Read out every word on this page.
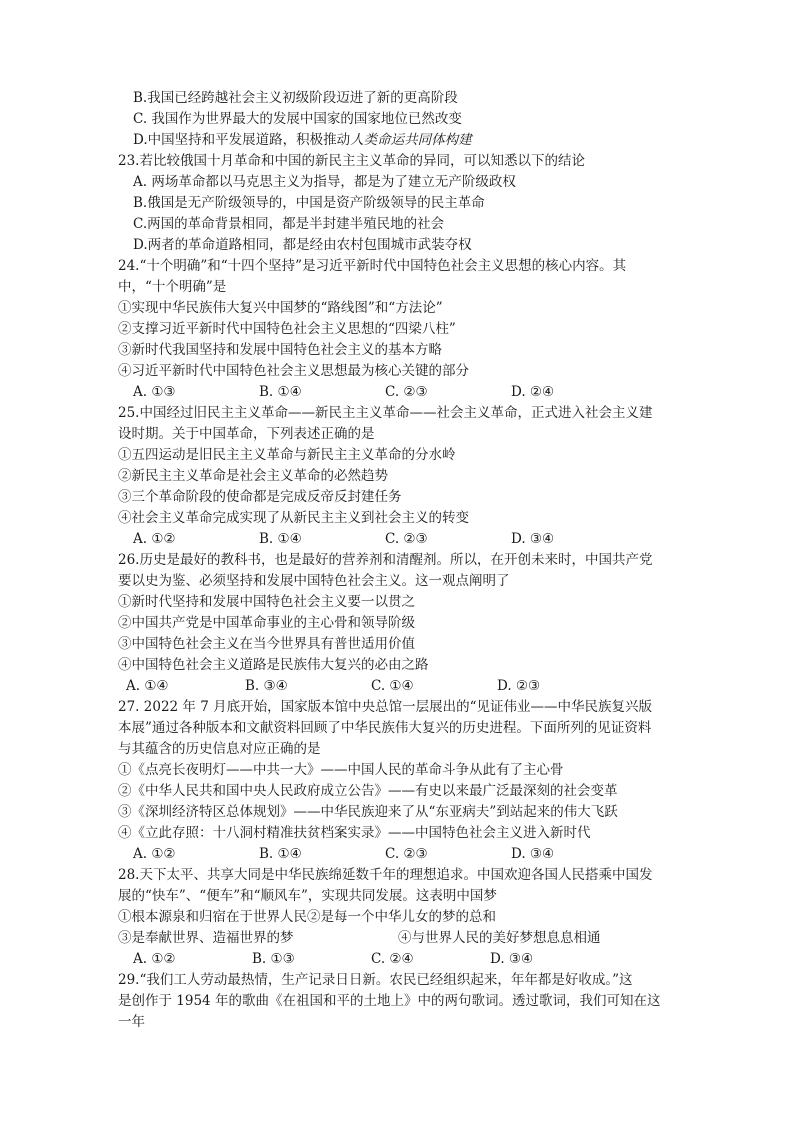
B.我国已经跨越社会主义初级阶段迈进了新的更高阶段
C. 我国作为世界最大的发展中国家的国家地位已然改变
D.中国坚持和平发展道路，积极推动人类命运共同体构建
23.若比较俄国十月革命和中国的新民主主义革命的异同，可以知悉以下的结论
A. 两场革命都以马克思主义为指导，都是为了建立无产阶级政权
B.俄国是无产阶级领导的，中国是资产阶级领导的民主革命
C.两国的革命背景相同，都是半封建半殖民地的社会
D.两者的革命道路相同，都是经由农村包围城市武装夺权
24.“十个明确”和“十四个坚持”是习近平新时代中国特色社会主义思想的核心内容。其
中，“十个明确”是
①实现中华民族伟大复兴中国梦的“路线图”和“方法论”
②支撑习近平新时代中国特色社会主义思想的“四梁八柱”
③新时代我国坚持和发展中国特色社会主义的基本方略
④习近平新时代中国特色社会主义思想最为核心关键的部分
A. ①③	B. ①④	C. ②③	D. ②④
25.中国经过旧民主主义革命——新民主主义革命——社会主义革命，正式进入社会主义建
设时期。关于中国革命，下列表述正确的是
①五四运动是旧民主主义革命与新民主主义革命的分水岭
②新民主主义革命是社会主义革命的必然趋势
③三个革命阶段的使命都是完成反帝反封建任务
④社会主义革命完成实现了从新民主主义到社会主义的转变
A. ①②	B. ①④	C. ②③	D. ③④
26.历史是最好的教科书，也是最好的营养剂和清醒剂。所以，在开创未来时，中国共产党
要以史为鉴、必须坚持和发展中国特色社会主义。这一观点阐明了
①新时代坚持和发展中国特色社会主义要一以贯之
②中国共产党是中国革命事业的主心骨和领导阶级
③中国特色社会主义在当今世界具有普世适用价值
④中国特色社会主义道路是民族伟大复兴的必由之路
A. ①④	B. ③④	C. ①④	D. ②③
27. 2022 年 7 月底开始，国家版本馆中央总馆一层展出的“见证伟业——中华民族复兴版
本展”通过各种版本和文献资料回顾了中华民族伟大复兴的历史进程。下面所列的见证资料
与其蕴含的历史信息对应正确的是
①《点亮长夜明灯——中共一大》——中国人民的革命斗争从此有了主心骨
②《中华人民共和国中央人民政府成立公告》——有史以来最广泛最深刻的社会变革
③《深圳经济特区总体规划》——中华民族迎来了从“东亚病夫”到站起来的伟大飞跃
④《立此存照：十八洞村精准扶贫档案实录》——中国特色社会主义进入新时代
A. ①②	B. ①④	C. ②③	D. ③④
28.天下太平、共享大同是中华民族绵延数千年的理想追求。中国欢迎各国人民搭乘中国发
展的“快车”、“便车”和“顺风车”，实现共同发展。这表明中国梦
①根本源泉和归宿在于世界人民②是每一个中华儿女的梦的总和
③是奉献世界、造福世界的梦	④与世界人民的美好梦想息息相通
A. ①②	B. ①③	C. ②④	D. ③④
29.“我们工人劳动最热情，生产记录日日新。农民已经组织起来，年年都是好收成。”这
是创作于 1954 年的歌曲《在祖国和平的土地上》中的两句歌词。透过歌词，我们可知在这
一年
